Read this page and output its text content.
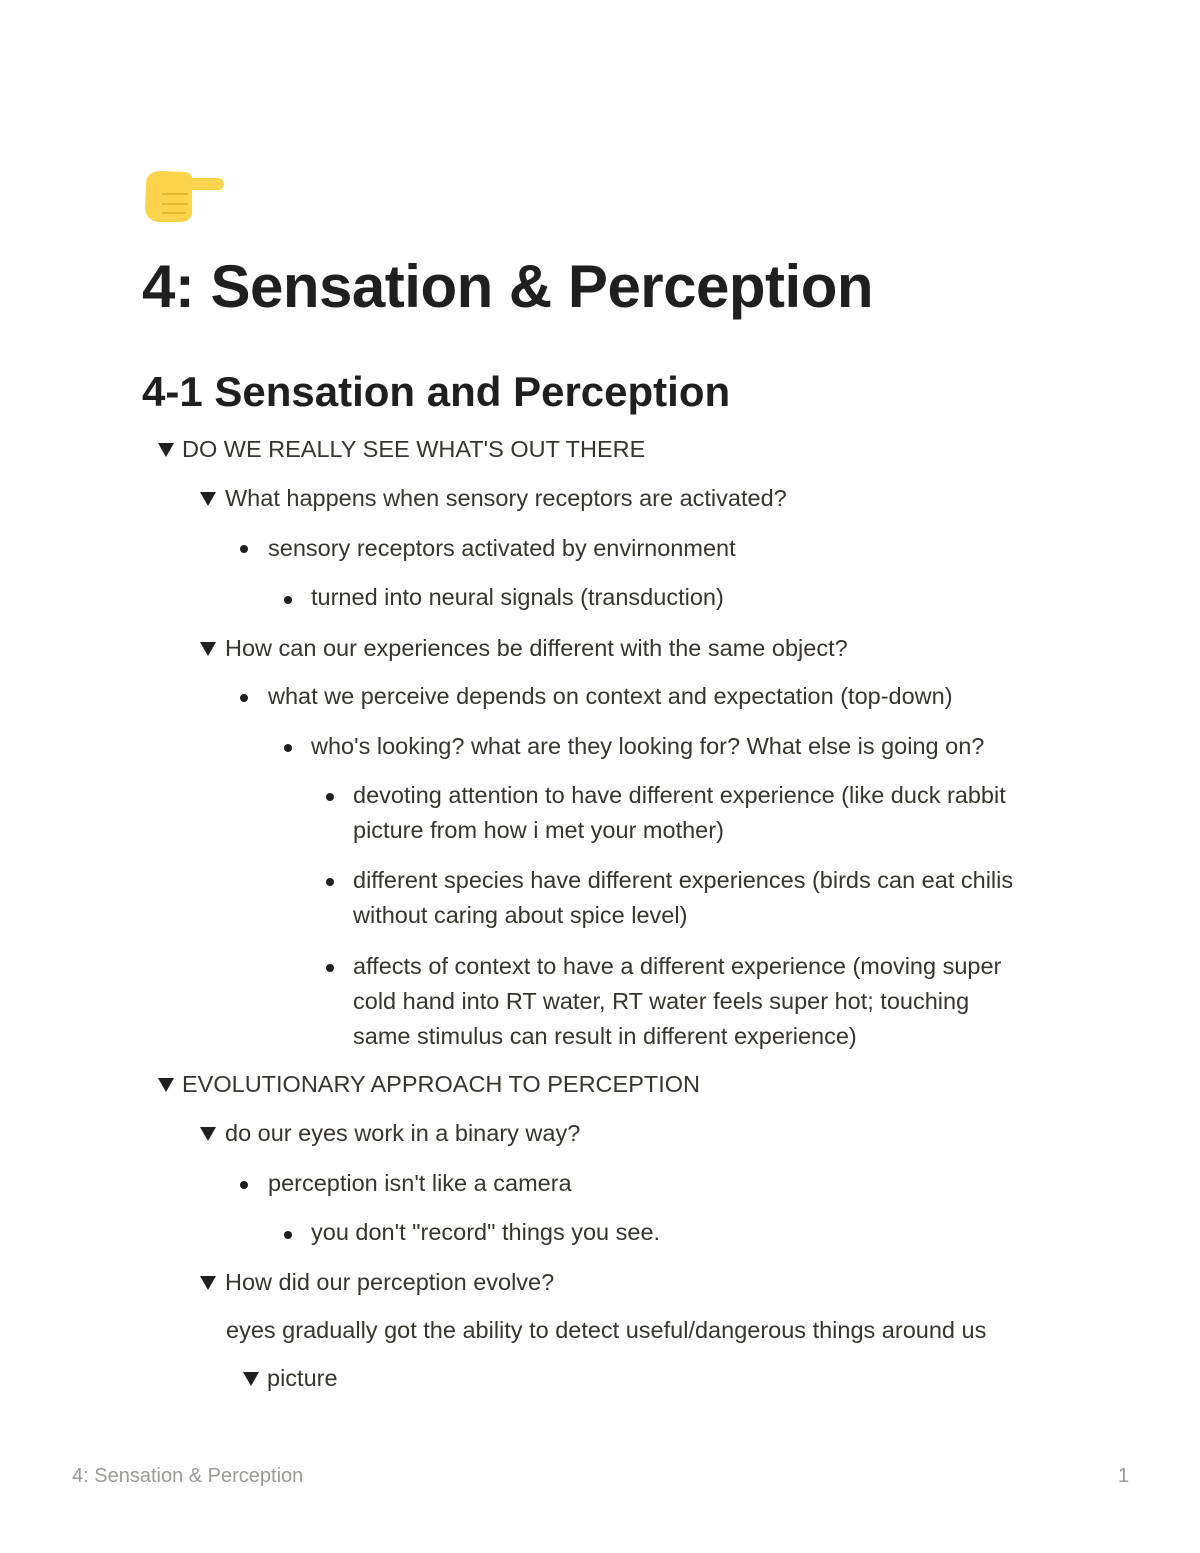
4: Sensation & Perception
4-1 Sensation and Perception
DO WE REALLY SEE WHAT'S OUT THERE
What happens when sensory receptors are activated?
sensory receptors activated by envirnonment
turned into neural signals (transduction)
How can our experiences be different with the same object?
what we perceive depends on context and expectation (top-down)
who's looking? what are they looking for? What else is going on?
devoting attention to have different experience (like duck rabbit picture from how i met your mother)
different species have different experiences (birds can eat chilis without caring about spice level)
affects of context to have a different experience (moving super cold hand into RT water, RT water feels super hot; touching same stimulus can result in different experience)
EVOLUTIONARY APPROACH TO PERCEPTION
do our eyes work in a binary way?
perception isn't like a camera
you don't "record" things you see.
How did our perception evolve?
eyes gradually got the ability to detect useful/dangerous things around us
picture
4: Sensation & Perception	1
